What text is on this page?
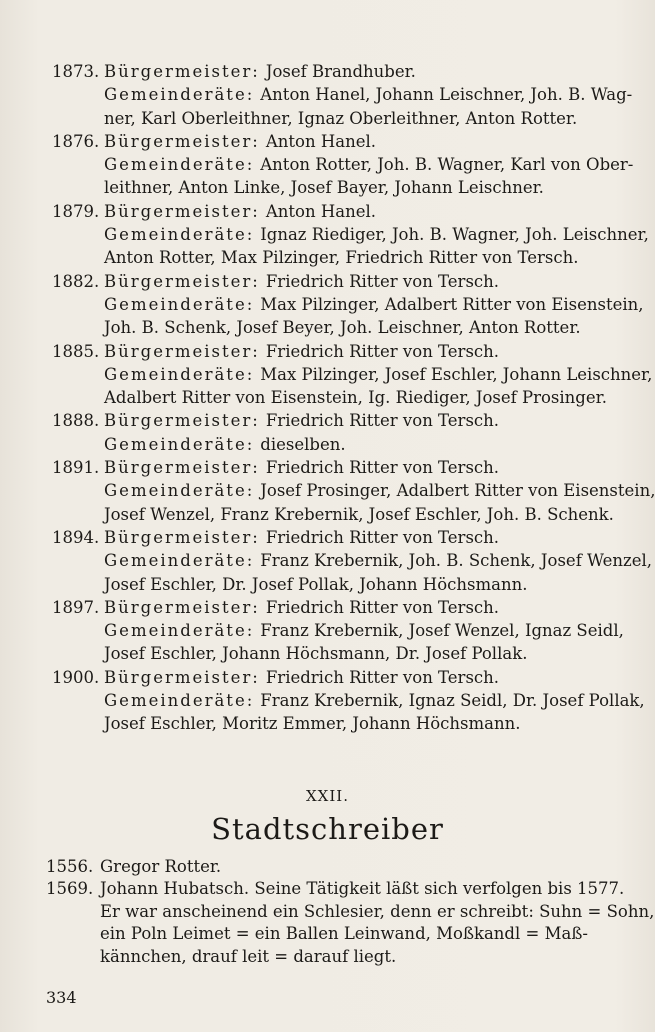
1873. Bürgermeister: Josef Brandhuber.
Gemeinderäte: Anton Hanel, Johann Leischner, Joh. B. Wag-
ner, Karl Oberleithner, Ignaz Oberleithner, Anton Rotter.
1876. Bürgermeister: Anton Hanel.
Gemeinderäte: Anton Rotter, Joh. B. Wagner, Karl von Ober-
leithner, Anton Linke, Josef Bayer, Johann Leischner.
1879. Bürgermeister: Anton Hanel.
Gemeinderäte: Ignaz Riediger, Joh. B. Wagner, Joh. Leischner,
Anton Rotter, Max Pilzinger, Friedrich Ritter von Tersch.
1882. Bürgermeister: Friedrich Ritter von Tersch.
Gemeinderäte: Max Pilzinger, Adalbert Ritter von Eisenstein,
Joh. B. Schenk, Josef Beyer, Joh. Leischner, Anton Rotter.
1885. Bürgermeister: Friedrich Ritter von Tersch.
Gemeinderäte: Max Pilzinger, Josef Eschler, Johann Leischner,
Adalbert Ritter von Eisenstein, Ig. Riediger, Josef Prosinger.
1888. Bürgermeister: Friedrich Ritter von Tersch.
Gemeinderäte: dieselben.
1891. Bürgermeister: Friedrich Ritter von Tersch.
Gemeinderäte: Josef Prosinger, Adalbert Ritter von Eisenstein,
Josef Wenzel, Franz Krebernik, Josef Eschler, Joh. B. Schenk.
1894. Bürgermeister: Friedrich Ritter von Tersch.
Gemeinderäte: Franz Krebernik, Joh. B. Schenk, Josef Wenzel,
Josef Eschler, Dr. Josef Pollak, Johann Höchsmann.
1897. Bürgermeister: Friedrich Ritter von Tersch.
Gemeinderäte: Franz Krebernik, Josef Wenzel, Ignaz Seidl,
Josef Eschler, Johann Höchsmann, Dr. Josef Pollak.
1900. Bürgermeister: Friedrich Ritter von Tersch.
Gemeinderäte: Franz Krebernik, Ignaz Seidl, Dr. Josef Pollak,
Josef Eschler, Moritz Emmer, Johann Höchsmann.
XXII.
Stadtschreiber
1556. Gregor Rotter.
1569. Johann Hubatsch. Seine Tätigkeit läßt sich verfolgen bis 1577.
Er war anscheinend ein Schlesier, denn er schreibt: Suhn = Sohn,
ein Poln Leimet = ein Ballen Leinwand, Moßkandl = Maß-
kännchen, drauf leit = darauf liegt.
334
